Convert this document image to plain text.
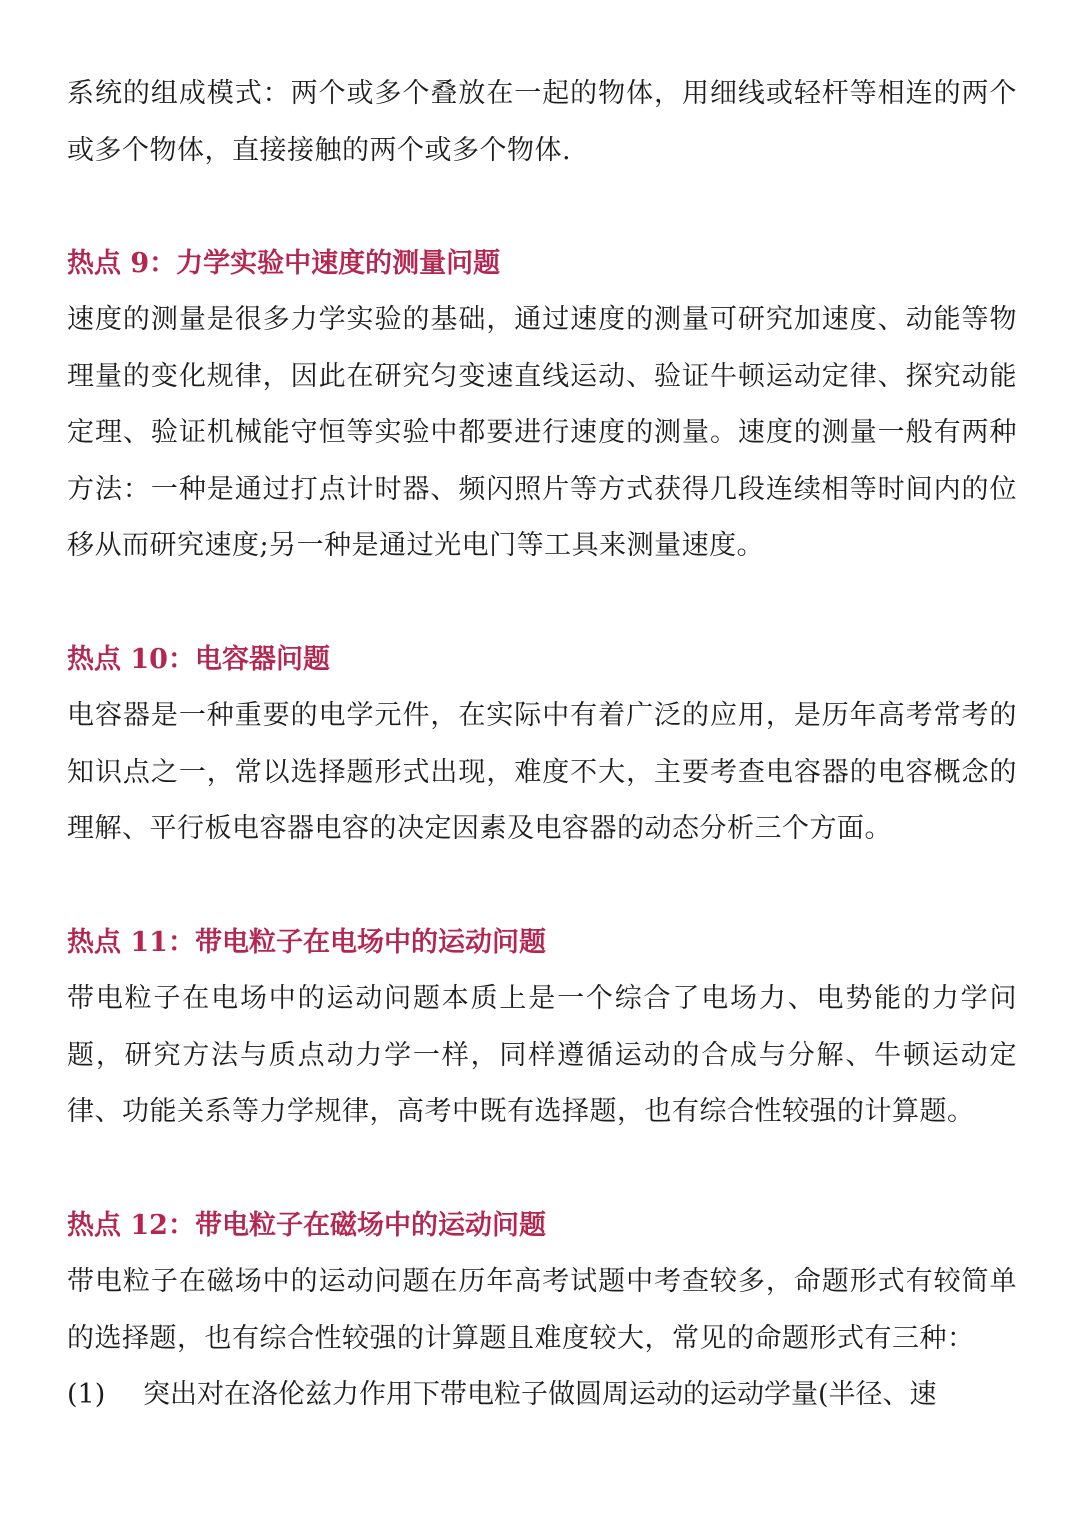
系统的组成模式：两个或多个叠放在一起的物体，用细线或轻杆等相连的两个或多个物体，直接接触的两个或多个物体.

热点 9：力学实验中速度的测量问题

速度的测量是很多力学实验的基础，通过速度的测量可研究加速度、动能等物理量的变化规律，因此在研究匀变速直线运动、验证牛顿运动定律、探究动能定理、验证机械能守恒等实验中都要进行速度的测量。速度的测量一般有两种方法：一种是通过打点计时器、频闪照片等方式获得几段连续相等时间内的位移从而研究速度;另一种是通过光电门等工具来测量速度。

热点 10：电容器问题

电容器是一种重要的电学元件，在实际中有着广泛的应用，是历年高考常考的知识点之一，常以选择题形式出现，难度不大，主要考查电容器的电容概念的理解、平行板电容器电容的决定因素及电容器的动态分析三个方面。

热点 11：带电粒子在电场中的运动问题

带电粒子在电场中的运动问题本质上是一个综合了电场力、电势能的力学问题，研究方法与质点动力学一样，同样遵循运动的合成与分解、牛顿运动定律、功能关系等力学规律，高考中既有选择题，也有综合性较强的计算题。

热点 12：带电粒子在磁场中的运动问题

带电粒子在磁场中的运动问题在历年高考试题中考查较多，命题形式有较简单的选择题，也有综合性较强的计算题且难度较大，常见的命题形式有三种：

(1) 突出对在洛伦兹力作用下带电粒子做圆周运动的运动学量(半径、速
